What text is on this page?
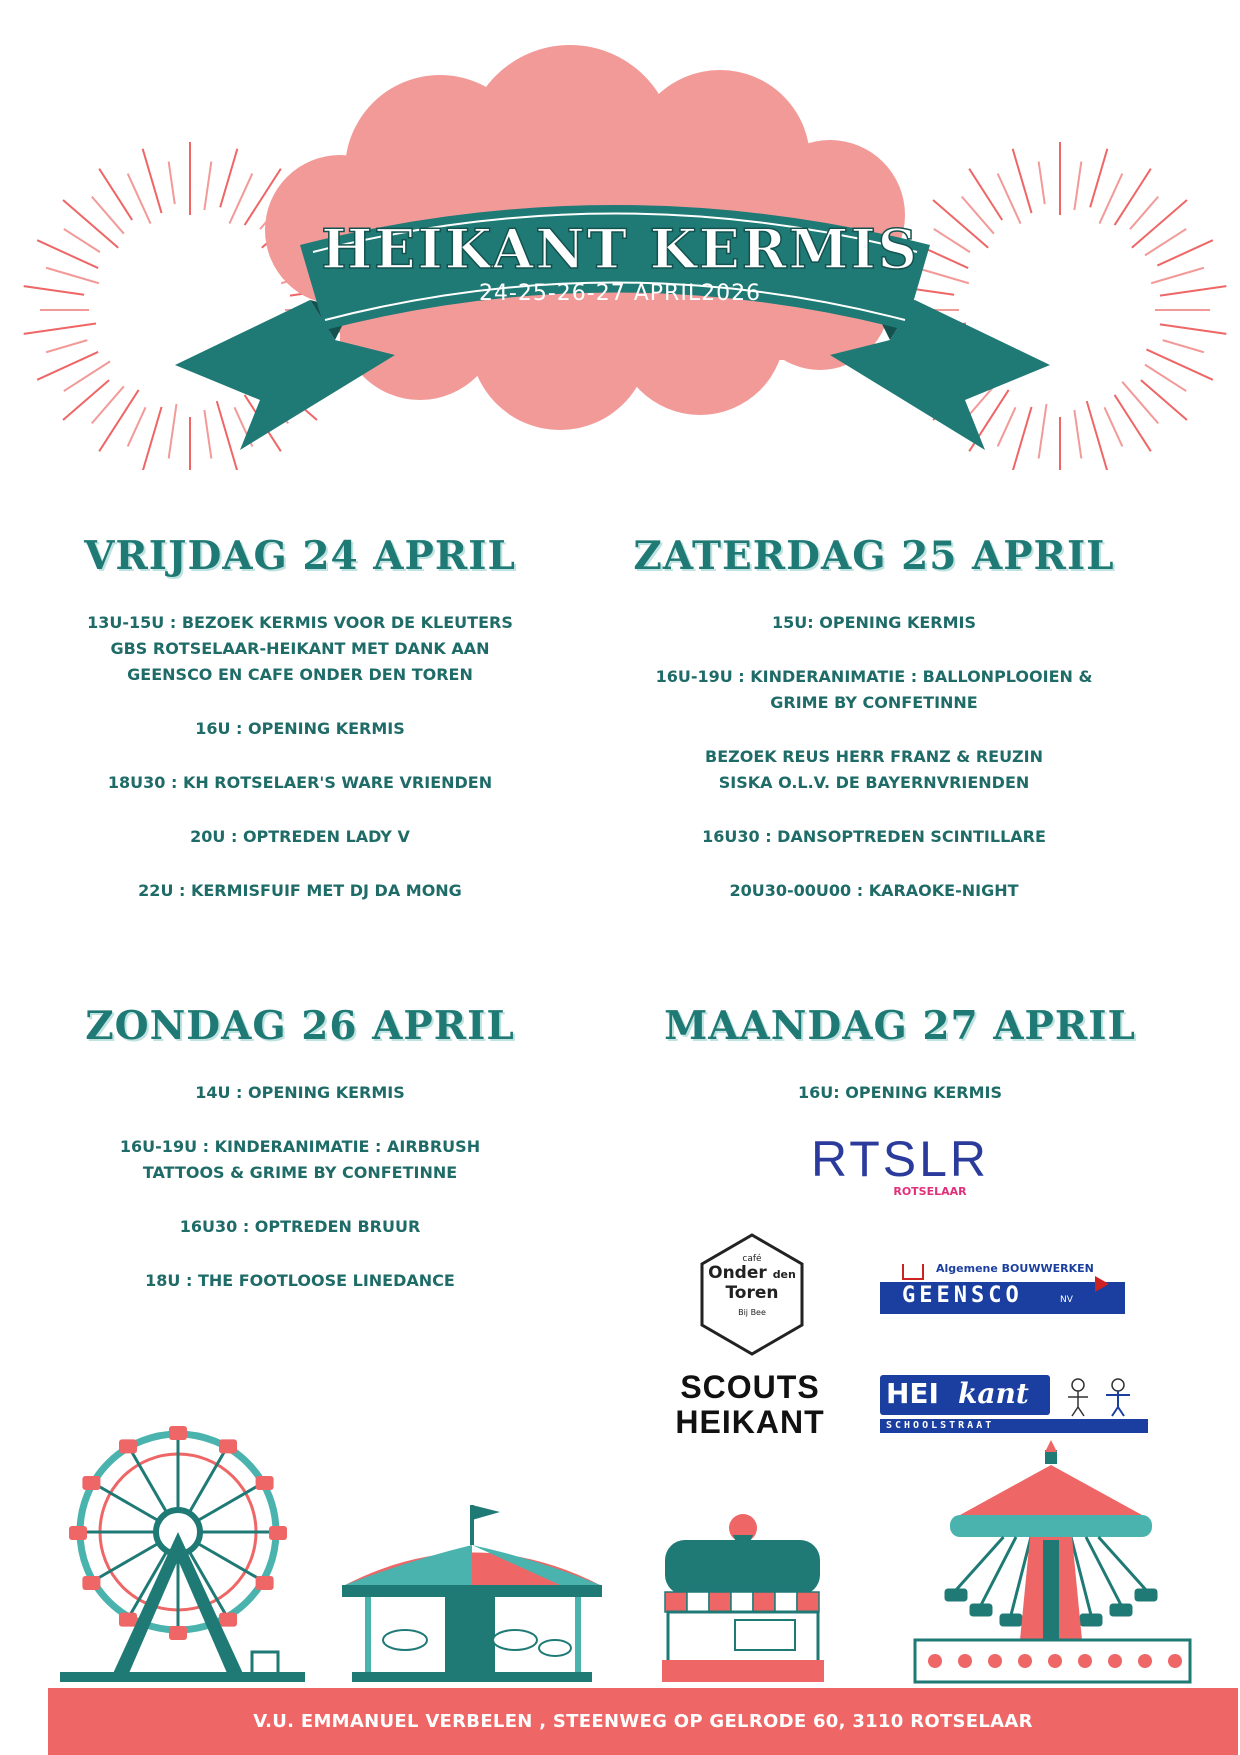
HEIKANT KERMIS
24-25-26-27 APRIL2026
VRIJDAG 24 APRIL
13U-15U : BEZOEK KERMIS VOOR DE KLEUTERS GBS ROTSELAAR-HEIKANT MET DANK AAN GEENSCO EN CAFE ONDER DEN TOREN
16U : OPENING KERMIS
18U30 : KH ROTSELAER'S WARE VRIENDEN
20U : OPTREDEN LADY V
22U : KERMISFUIF MET DJ DA MONG
ZATERDAG 25 APRIL
15U: OPENING KERMIS
16U-19U : KINDERANIMATIE : BALLONPLOOIEN & GRIME BY CONFETINNE
BEZOEK REUS HERR FRANZ & REUZIN SISKA O.L.V. DE BAYERNVRIENDEN
16U30 : DANSOPTREDEN SCINTILLARE
20U30-00U00 : KARAOKE-NIGHT
ZONDAG 26 APRIL
14U : OPENING KERMIS
16U-19U : KINDERANIMATIE : AIRBRUSH TATTOOS & GRIME BY CONFETINNE
16U30 : OPTREDEN BRUUR
18U : THE FOOTLOOSE LINEDANCE
MAANDAG 27 APRIL
16U: OPENING KERMIS
RTSLR
ROTSELAAR
café
Onder den
Toren
Bij Bee
Algemene BOUWWERKEN
GEENSCO	NV
SCOUTS
HEIKANT
HEI kant
SCHOOLSTRAAT
V.U. EMMANUEL VERBELEN , STEENWEG OP GELRODE 60, 3110 ROTSELAAR
